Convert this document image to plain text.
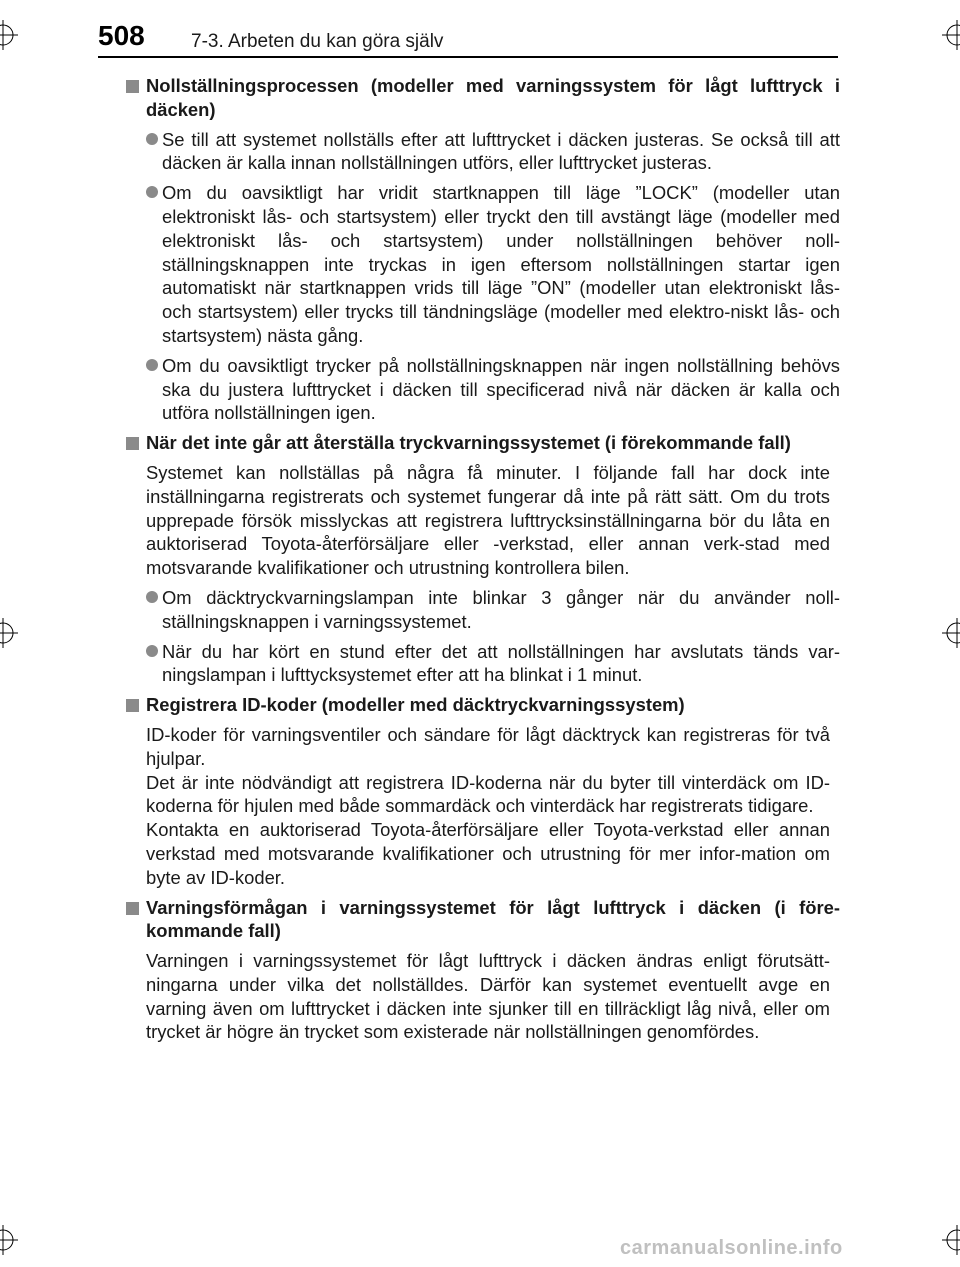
508 7-3. Arbeten du kan göra själv
Nollställningsprocessen (modeller med varningssystem för lågt lufttryck i däcken)
Se till att systemet nollställs efter att lufttrycket i däcken justeras. Se också till att däcken är kalla innan nollställningen utförs, eller lufttrycket justeras.
Om du oavsiktligt har vridit startknappen till läge ”LOCK” (modeller utan elektroniskt lås- och startsystem) eller tryckt den till avstängt läge (modeller med elektroniskt lås- och startsystem) under nollställningen behöver noll-ställningsknappen inte tryckas in igen eftersom nollställningen startar igen automatiskt när startknappen vrids till läge ”ON” (modeller utan elektroniskt lås- och startsystem) eller trycks till tändningsläge (modeller med elektro-niskt lås- och startsystem) nästa gång.
Om du oavsiktligt trycker på nollställningsknappen när ingen nollställning behövs ska du justera lufttrycket i däcken till specificerad nivå när däcken är kalla och utföra nollställningen igen.
När det inte går att återställa tryckvarningssystemet (i förekommande fall)
Systemet kan nollställas på några få minuter. I följande fall har dock inte inställningarna registrerats och systemet fungerar då inte på rätt sätt. Om du trots upprepade försök misslyckas att registrera lufttrycksinställningarna bör du låta en auktoriserad Toyota-återförsäljare eller -verkstad, eller annan verk-stad med motsvarande kvalifikationer och utrustning kontrollera bilen.
Om däcktryckvarningslampan inte blinkar 3 gånger när du använder noll-ställningsknappen i varningssystemet.
När du har kört en stund efter det att nollställningen har avslutats tänds var-ningslampan i lufttycksystemet efter att ha blinkat i 1 minut.
Registrera ID-koder (modeller med däcktryckvarningssystem)
ID-koder för varningsventiler och sändare för lågt däcktryck kan registreras för två hjulpar.
Det är inte nödvändigt att registrera ID-koderna när du byter till vinterdäck om ID-koderna för hjulen med både sommardäck och vinterdäck har registrerats tidigare.
Kontakta en auktoriserad Toyota-återförsäljare eller Toyota-verkstad eller annan verkstad med motsvarande kvalifikationer och utrustning för mer infor-mation om byte av ID-koder.
Varningsförmågan i varningssystemet för lågt lufttryck i däcken (i före-kommande fall)
Varningen i varningssystemet för lågt lufttryck i däcken ändras enligt förutsätt-ningarna under vilka det nollställdes. Därför kan systemet eventuellt avge en varning även om lufttrycket i däcken inte sjunker till en tillräckligt låg nivå, eller om trycket är högre än trycket som existerade när nollställningen genomfördes.
carmanualsonline.info
